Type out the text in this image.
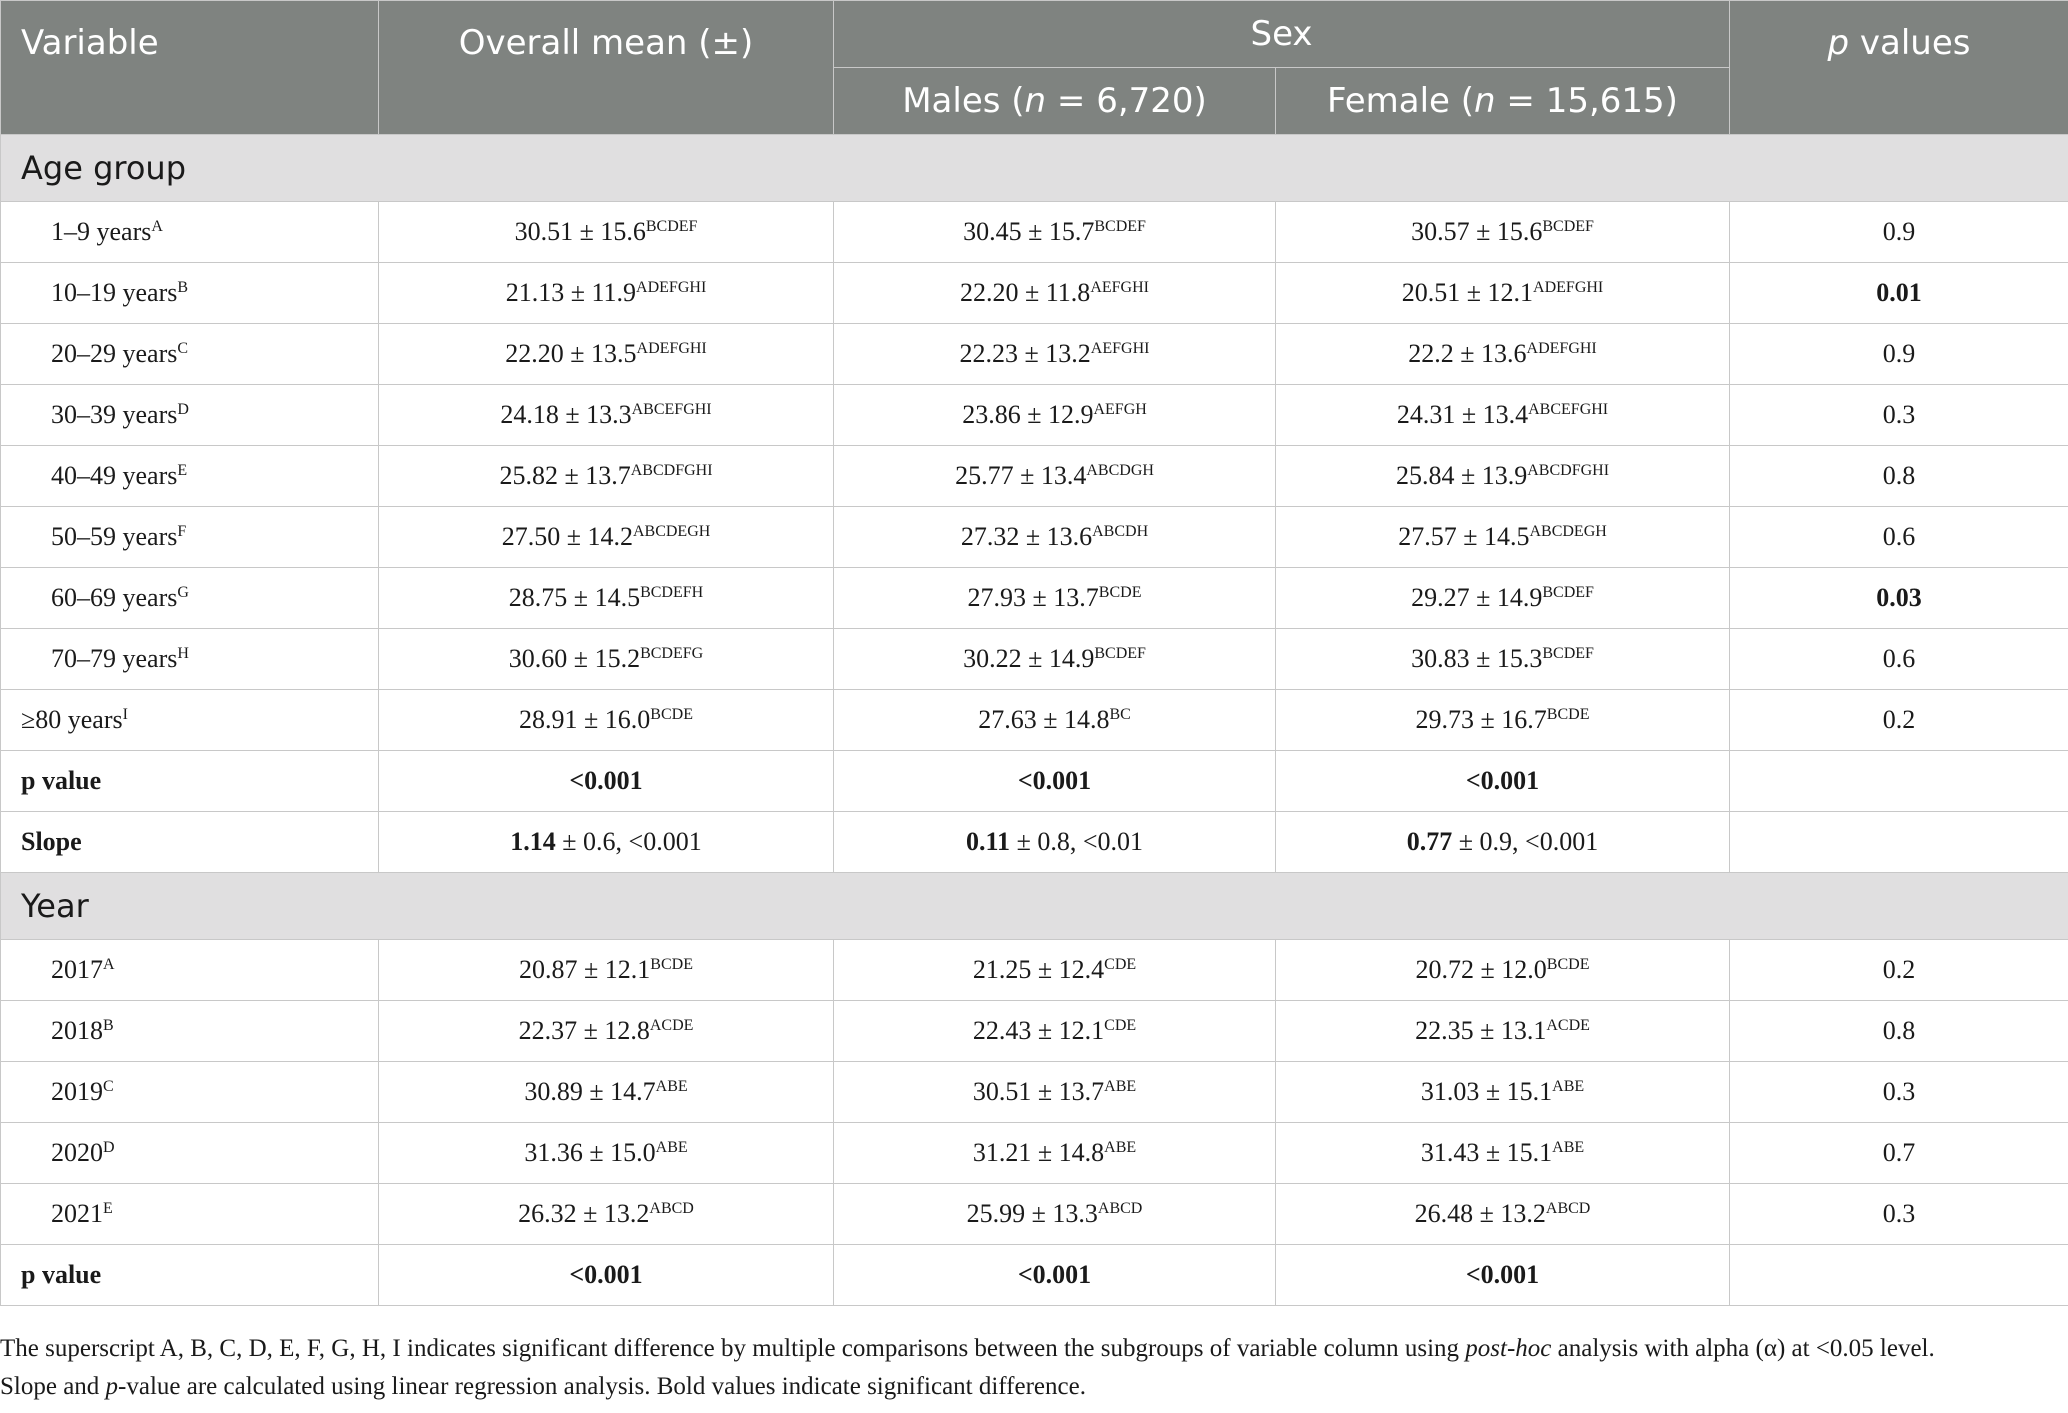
Variable	Overall mean (±)	Sex		p values
		Males (n = 6,720)	Female (n = 15,615)	
Age group				
1–9 years$^A$	$30.51 \pm 15.6^{BCDEF}$	$30.45 \pm 15.7^{BCDEF}$	$30.57 \pm 15.6^{BCDEF}$	0.9
10–19 years$^B$	$21.13 \pm 11.9^{ADEFGHI}$	$22.20 \pm 11.8^{AEFGHI}$	$20.51 \pm 12.1^{ADEFGHI}$	0.01
20–29 years$^C$	$22.20 \pm 13.5^{ADEFGHI}$	$22.23 \pm 13.2^{AEFGHI}$	$22.2 \pm 13.6^{ADEFGHI}$	0.9
30–39 years$^D$	$24.18 \pm 13.3^{ABCEFGHI}$	$23.86 \pm 12.9^{AEFGH}$	$24.31 \pm 13.4^{ABCEFGHI}$	0.3
40–49 years$^E$	$25.82 \pm 13.7^{ABCDFGHI}$	$25.77 \pm 13.4^{ABCDGH}$	$25.84 \pm 13.9^{ABCDFGHI}$	0.8
50–59 years$^F$	$27.50 \pm 14.2^{ABCDEGH}$	$27.32 \pm 13.6^{ABCDH}$	$27.57 \pm 14.5^{ABCDEGH}$	0.6
60–69 years$^G$	$28.75 \pm 14.5^{BCDEFH}$	$27.93 \pm 13.7^{BCDE}$	$29.27 \pm 14.9^{BCDEF}$	0.03
70–79 years$^H$	$30.60 \pm 15.2^{BCDEFG}$	$30.22 \pm 14.9^{BCDEF}$	$30.83 \pm 15.3^{BCDEF}$	0.6
≥80 years$^I$	$28.91 \pm 16.0^{BCDE}$	$27.63 \pm 14.8^{BC}$	$29.73 \pm 16.7^{BCDE}$	0.2
p value	<0.001	<0.001	<0.001	
Slope	1.14 ± 0.6, <0.001	0.11 ± 0.8, <0.01	0.77 ± 0.9, <0.001	
Year				
$2017^A$	$20.87 \pm 12.1^{BCDE}$	$21.25 \pm 12.4^{CDE}$	$20.72 \pm 12.0^{BCDE}$	0.2
$2018^B$	$22.37 \pm 12.8^{ACDE}$	$22.43 \pm 12.1^{CDE}$	$22.35 \pm 13.1^{ACDE}$	0.8
$2019^C$	$30.89 \pm 14.7^{ABE}$	$30.51 \pm 13.7^{ABE}$	$31.03 \pm 15.1^{ABE}$	0.3
$2020^D$	$31.36 \pm 15.0^{ABE}$	$31.21 \pm 14.8^{ABE}$	$31.43 \pm 15.1^{ABE}$	0.7
$2021^E$	$26.32 \pm 13.2^{ABCD}$	$25.99 \pm 13.3^{ABCD}$	$26.48 \pm 13.2^{ABCD}$	0.3
p value	<0.001	<0.001	<0.001	
The superscript A, B, C, D, E, F, G, H, I indicates significant difference by multiple comparisons between the subgroups of variable column using post-hoc analysis with alpha (α) at <0.05 level.
Slope and p-value are calculated using linear regression analysis. Bold values indicate significant difference.
